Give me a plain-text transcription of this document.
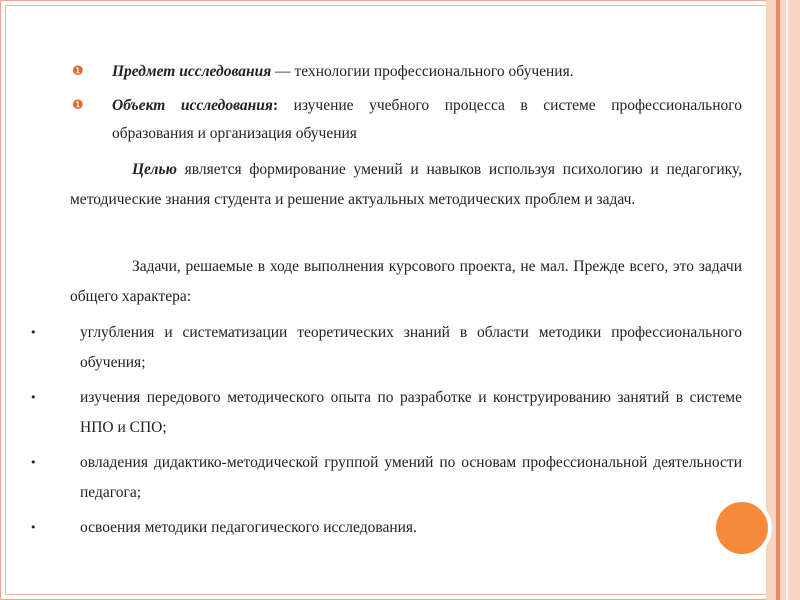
❶	Предмет исследования — технологии профессионального обучения.
❶	Объект исследования: изучение учебного процесса в системе профессионального образования и организация обучения
Целью является формирование умений и навыков используя психологию и педагогику, методические знания студента и решение актуальных методических проблем и задач.
Задачи, решаемые в ходе выполнения курсового проекта, не мал. Прежде всего, это задачи общего характера:
•	углубления и систематизации теоретических знаний в области методики профессионального обучения;
•	изучения передового методического опыта по разработке и конструированию занятий в системе НПО и СПО;
•	овладения дидактико-методической группой умений по основам профессиональной деятельности педагога;
•	освоения методики педагогического исследования.
